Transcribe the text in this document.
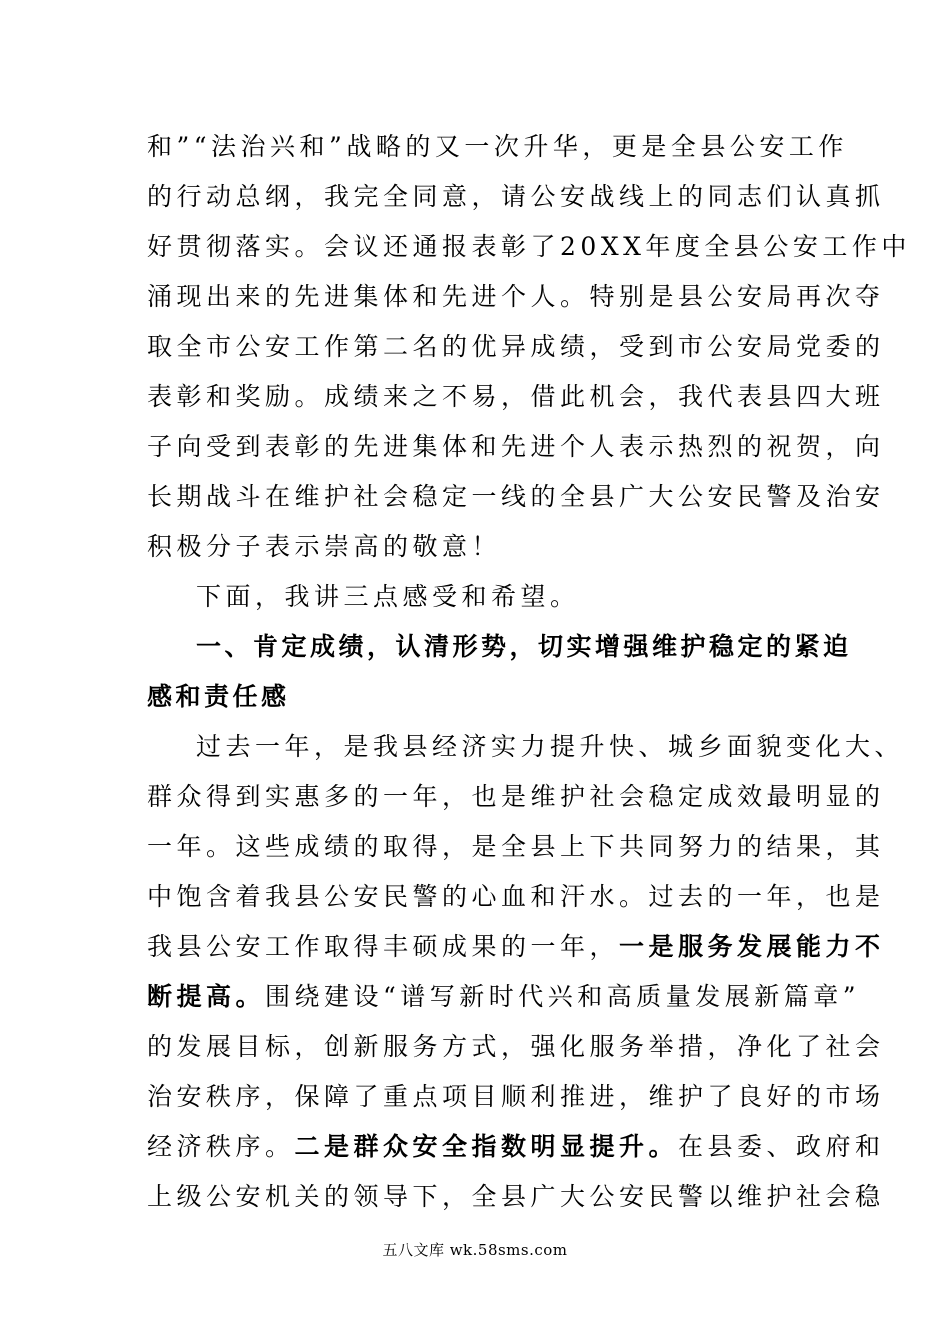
和”“法治兴和”战略的又一次升华，更是全县公安工作
的行动总纲，我完全同意，请公安战线上的同志们认真抓
好贯彻落实。会议还通报表彰了20XX年度全县公安工作中
涌现出来的先进集体和先进个人。特别是县公安局再次夺
取全市公安工作第二名的优异成绩，受到市公安局党委的
表彰和奖励。成绩来之不易，借此机会，我代表县四大班
子向受到表彰的先进集体和先进个人表示热烈的祝贺，向
长期战斗在维护社会稳定一线的全县广大公安民警及治安
积极分子表示崇高的敬意！
下面，我讲三点感受和希望。
一、肯定成绩，认清形势，切实增强维护稳定的紧迫
感和责任感
过去一年，是我县经济实力提升快、城乡面貌变化大、
群众得到实惠多的一年，也是维护社会稳定成效最明显的
一年。这些成绩的取得，是全县上下共同努力的结果，其
中饱含着我县公安民警的心血和汗水。过去的一年，也是
我县公安工作取得丰硕成果的一年，一是服务发展能力不
断提高。围绕建设“谱写新时代兴和高质量发展新篇章”
的发展目标，创新服务方式，强化服务举措，净化了社会
治安秩序，保障了重点项目顺利推进，维护了良好的市场
经济秩序。二是群众安全指数明显提升。在县委、政府和
上级公安机关的领导下，全县广大公安民警以维护社会稳
五八文库 wk.58sms.com
